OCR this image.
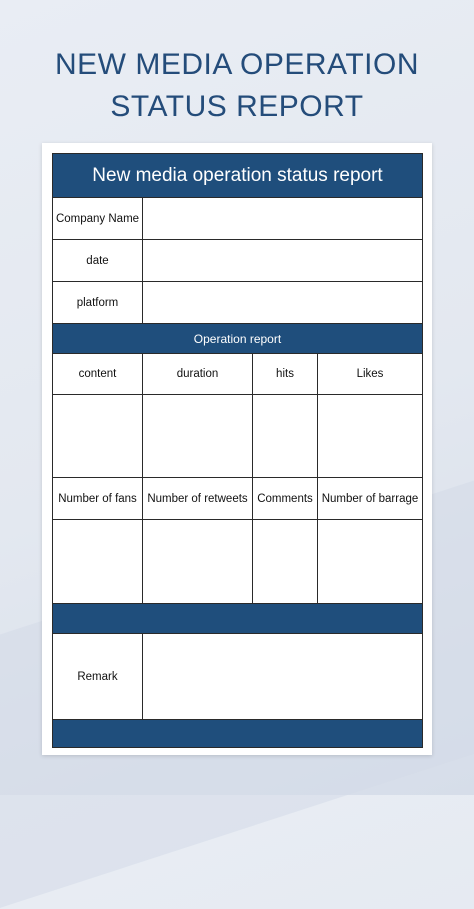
NEW MEDIA OPERATION
STATUS REPORT
New media operation status report			
Company Name			
date			
platform			
Operation report			
content	duration	hits	Likes

Number of fans	Number of retweets	Comments	Number of barrage

Remark			
